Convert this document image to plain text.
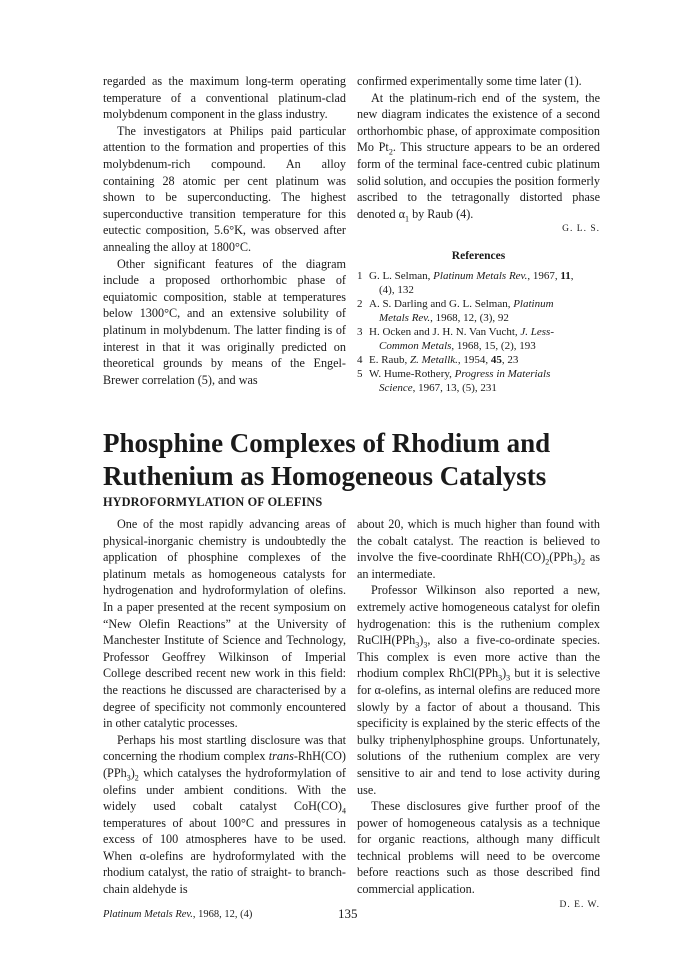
regarded as the maximum long-term operating temperature of a conventional platinum-clad molybdenum component in the glass industry.

The investigators at Philips paid particular attention to the formation and properties of this molybdenum-rich compound. An alloy containing 28 atomic per cent platinum was shown to be superconducting. The highest superconductive transition temperature for this eutectic composition, 5.6°K, was observed after annealing the alloy at 1800°C.

Other significant features of the diagram include a proposed orthorhombic phase of equiatomic composition, stable at temperatures below 1300°C, and an extensive solubility of platinum in molybdenum. The latter finding is of interest in that it was originally predicted on theoretical grounds by means of the Engel-Brewer correlation (5), and was

confirmed experimentally some time later (1).

At the platinum-rich end of the system, the new diagram indicates the existence of a second orthorhombic phase, of approximate composition Mo $Pt_2$. This structure appears to be an ordered form of the terminal face-centred cubic platinum solid solution, and occupies the position formerly ascribed to the tetragonally distorted phase denoted $\alpha_1$ by Raub (4).

G. L. S.
References
1 G. L. Selman, Platinum Metals Rev., 1967, 11,
(4), 132
2 A. S. Darling and G. L. Selman, Platinum
Metals Rev., 1968, 12, (3), 92
3 H. Ocken and J. H. N. Van Vucht, J. Less-
Common Metals, 1968, 15, (2), 193
4 E. Raub, Z. Metallk., 1954, 45, 23
5 W. Hume-Rothery, Progress in Materials
Science, 1967, 13, (5), 231
Phosphine Complexes of Rhodium and Ruthenium as Homogeneous Catalysts
HYDROFORMYLATION OF OLEFINS

One of the most rapidly advancing areas of physical-inorganic chemistry is undoubtedly the application of phosphine complexes of the platinum metals as homogeneous catalysts for hydrogenation and hydroformylation of olefins. In a paper presented at the recent symposium on “New Olefin Reactions” at the University of Manchester Institute of Science and Technology, Professor Geoffrey Wilkinson of Imperial College described recent new work in this field: the reactions he discussed are characterised by a degree of specificity not commonly encountered in other catalytic processes.

Perhaps his most startling disclosure was that concerning the rhodium complex trans-$RhH(CO)(PPh_3)_2$ which catalyses the hydroformylation of olefins under ambient conditions. With the widely used cobalt catalyst $CoH(CO)_4$ temperatures of about 100°C and pressures in excess of 100 atmospheres have to be used. When α-olefins are hydroformylated with the rhodium catalyst, the ratio of straight- to branch-chain aldehyde is

about 20, which is much higher than found with the cobalt catalyst. The reaction is believed to involve the five-coordinate $RhH(CO)_2(PPh_3)_2$ as an intermediate.

Professor Wilkinson also reported a new, extremely active homogeneous catalyst for olefin hydrogenation: this is the ruthenium complex $RuClH(PPh_3)_3$, also a five-co-ordinate species. This complex is even more active than the rhodium complex $RhCl(PPh_3)_3$ but it is selective for α-olefins, as internal olefins are reduced more slowly by a factor of about a thousand. This specificity is explained by the steric effects of the bulky triphenylphosphine groups. Unfortunately, solutions of the ruthenium complex are very sensitive to air and tend to lose activity during use.

These disclosures give further proof of the power of homogeneous catalysis as a technique for organic reactions, although many difficult technical problems will need to be overcome before reactions such as those described find commercial application.

D. E. W.
Platinum Metals Rev., 1968, 12, (4)	135
